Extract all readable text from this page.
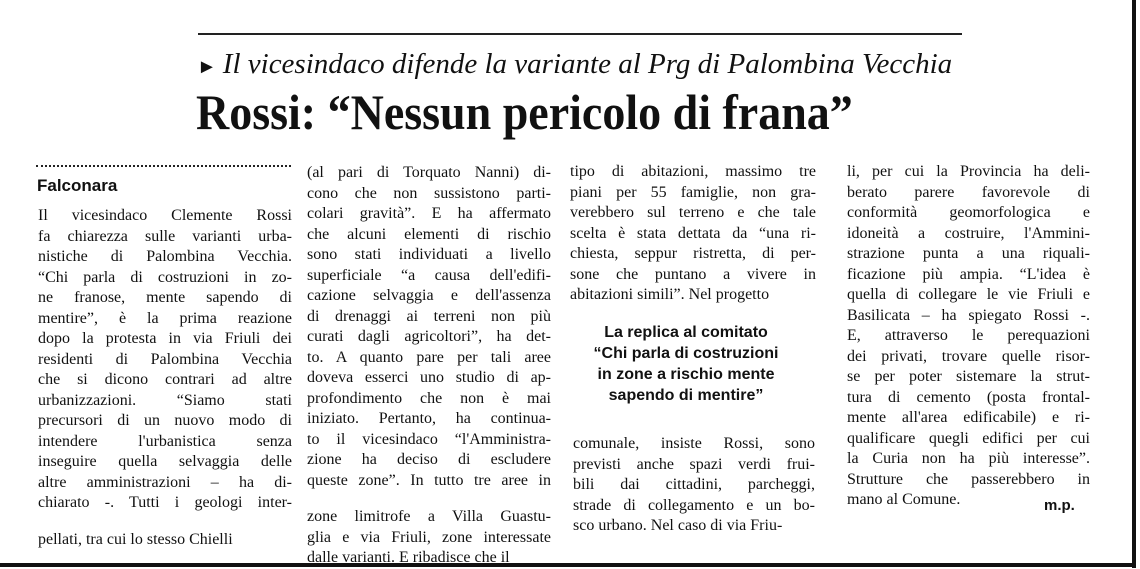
► Il vicesindaco difende la variante al Prg di Palombina Vecchia
Rossi: “Nessun pericolo di frana”
Falconara
Il vicesindaco Clemente Rossi
fa chiarezza sulle varianti urba-
nistiche di Palombina Vecchia.
“Chi parla di costruzioni in zo-
ne franose, mente sapendo di
mentire”, è la prima reazione
dopo la protesta in via Friuli dei
residenti di Palombina Vecchia
che si dicono contrari ad altre
urbanizzazioni. “Siamo stati
precursori di un nuovo modo di
intendere l'urbanistica senza
inseguire quella selvaggia delle
altre amministrazioni – ha di-
chiarato -. Tutti i geologi inter-
pellati, tra cui lo stesso Chielli
(al pari di Torquato Nanni) di-
cono che non sussistono parti-
colari gravità”. E ha affermato
che alcuni elementi di rischio
sono stati individuati a livello
superficiale “a causa dell'edifi-
cazione selvaggia e dell'assenza
di drenaggi ai terreni non più
curati dagli agricoltori”, ha det-
to. A quanto pare per tali aree
doveva esserci uno studio di ap-
profondimento che non è mai
iniziato. Pertanto, ha continua-
to il vicesindaco “l'Amministra-
zione ha deciso di escludere
queste zone”. In tutto tre aree in
zone limitrofe a Villa Guastu-
glia e via Friuli, zone interessate
dalle varianti. E ribadisce che il
tipo di abitazioni, massimo tre
piani per 55 famiglie, non gra-
verebbero sul terreno e che tale
scelta è stata dettata da “una ri-
chiesta, seppur ristretta, di per-
sone che puntano a vivere in
abitazioni simili”. Nel progetto
La replica al comitato
“Chi parla di costruzioni
in zone a rischio mente
sapendo di mentire”
comunale, insiste Rossi, sono
previsti anche spazi verdi frui-
bili dai cittadini, parcheggi,
strade di collegamento e un bo-
sco urbano. Nel caso di via Friu-
li, per cui la Provincia ha deli-
berato parere favorevole di
conformità geomorfologica e
idoneità a costruire, l'Ammini-
strazione punta a una riquali-
ficazione più ampia. “L'idea è
quella di collegare le vie Friuli e
Basilicata – ha spiegato Rossi -.
E, attraverso le perequazioni
dei privati, trovare quelle risor-
se per poter sistemare la strut-
tura di cemento (posta frontal-
mente all'area edificabile) e ri-
qualificare quegli edifici per cui
la Curia non ha più interesse”.
Strutture che passerebbero in
mano al Comune.	m.p.
